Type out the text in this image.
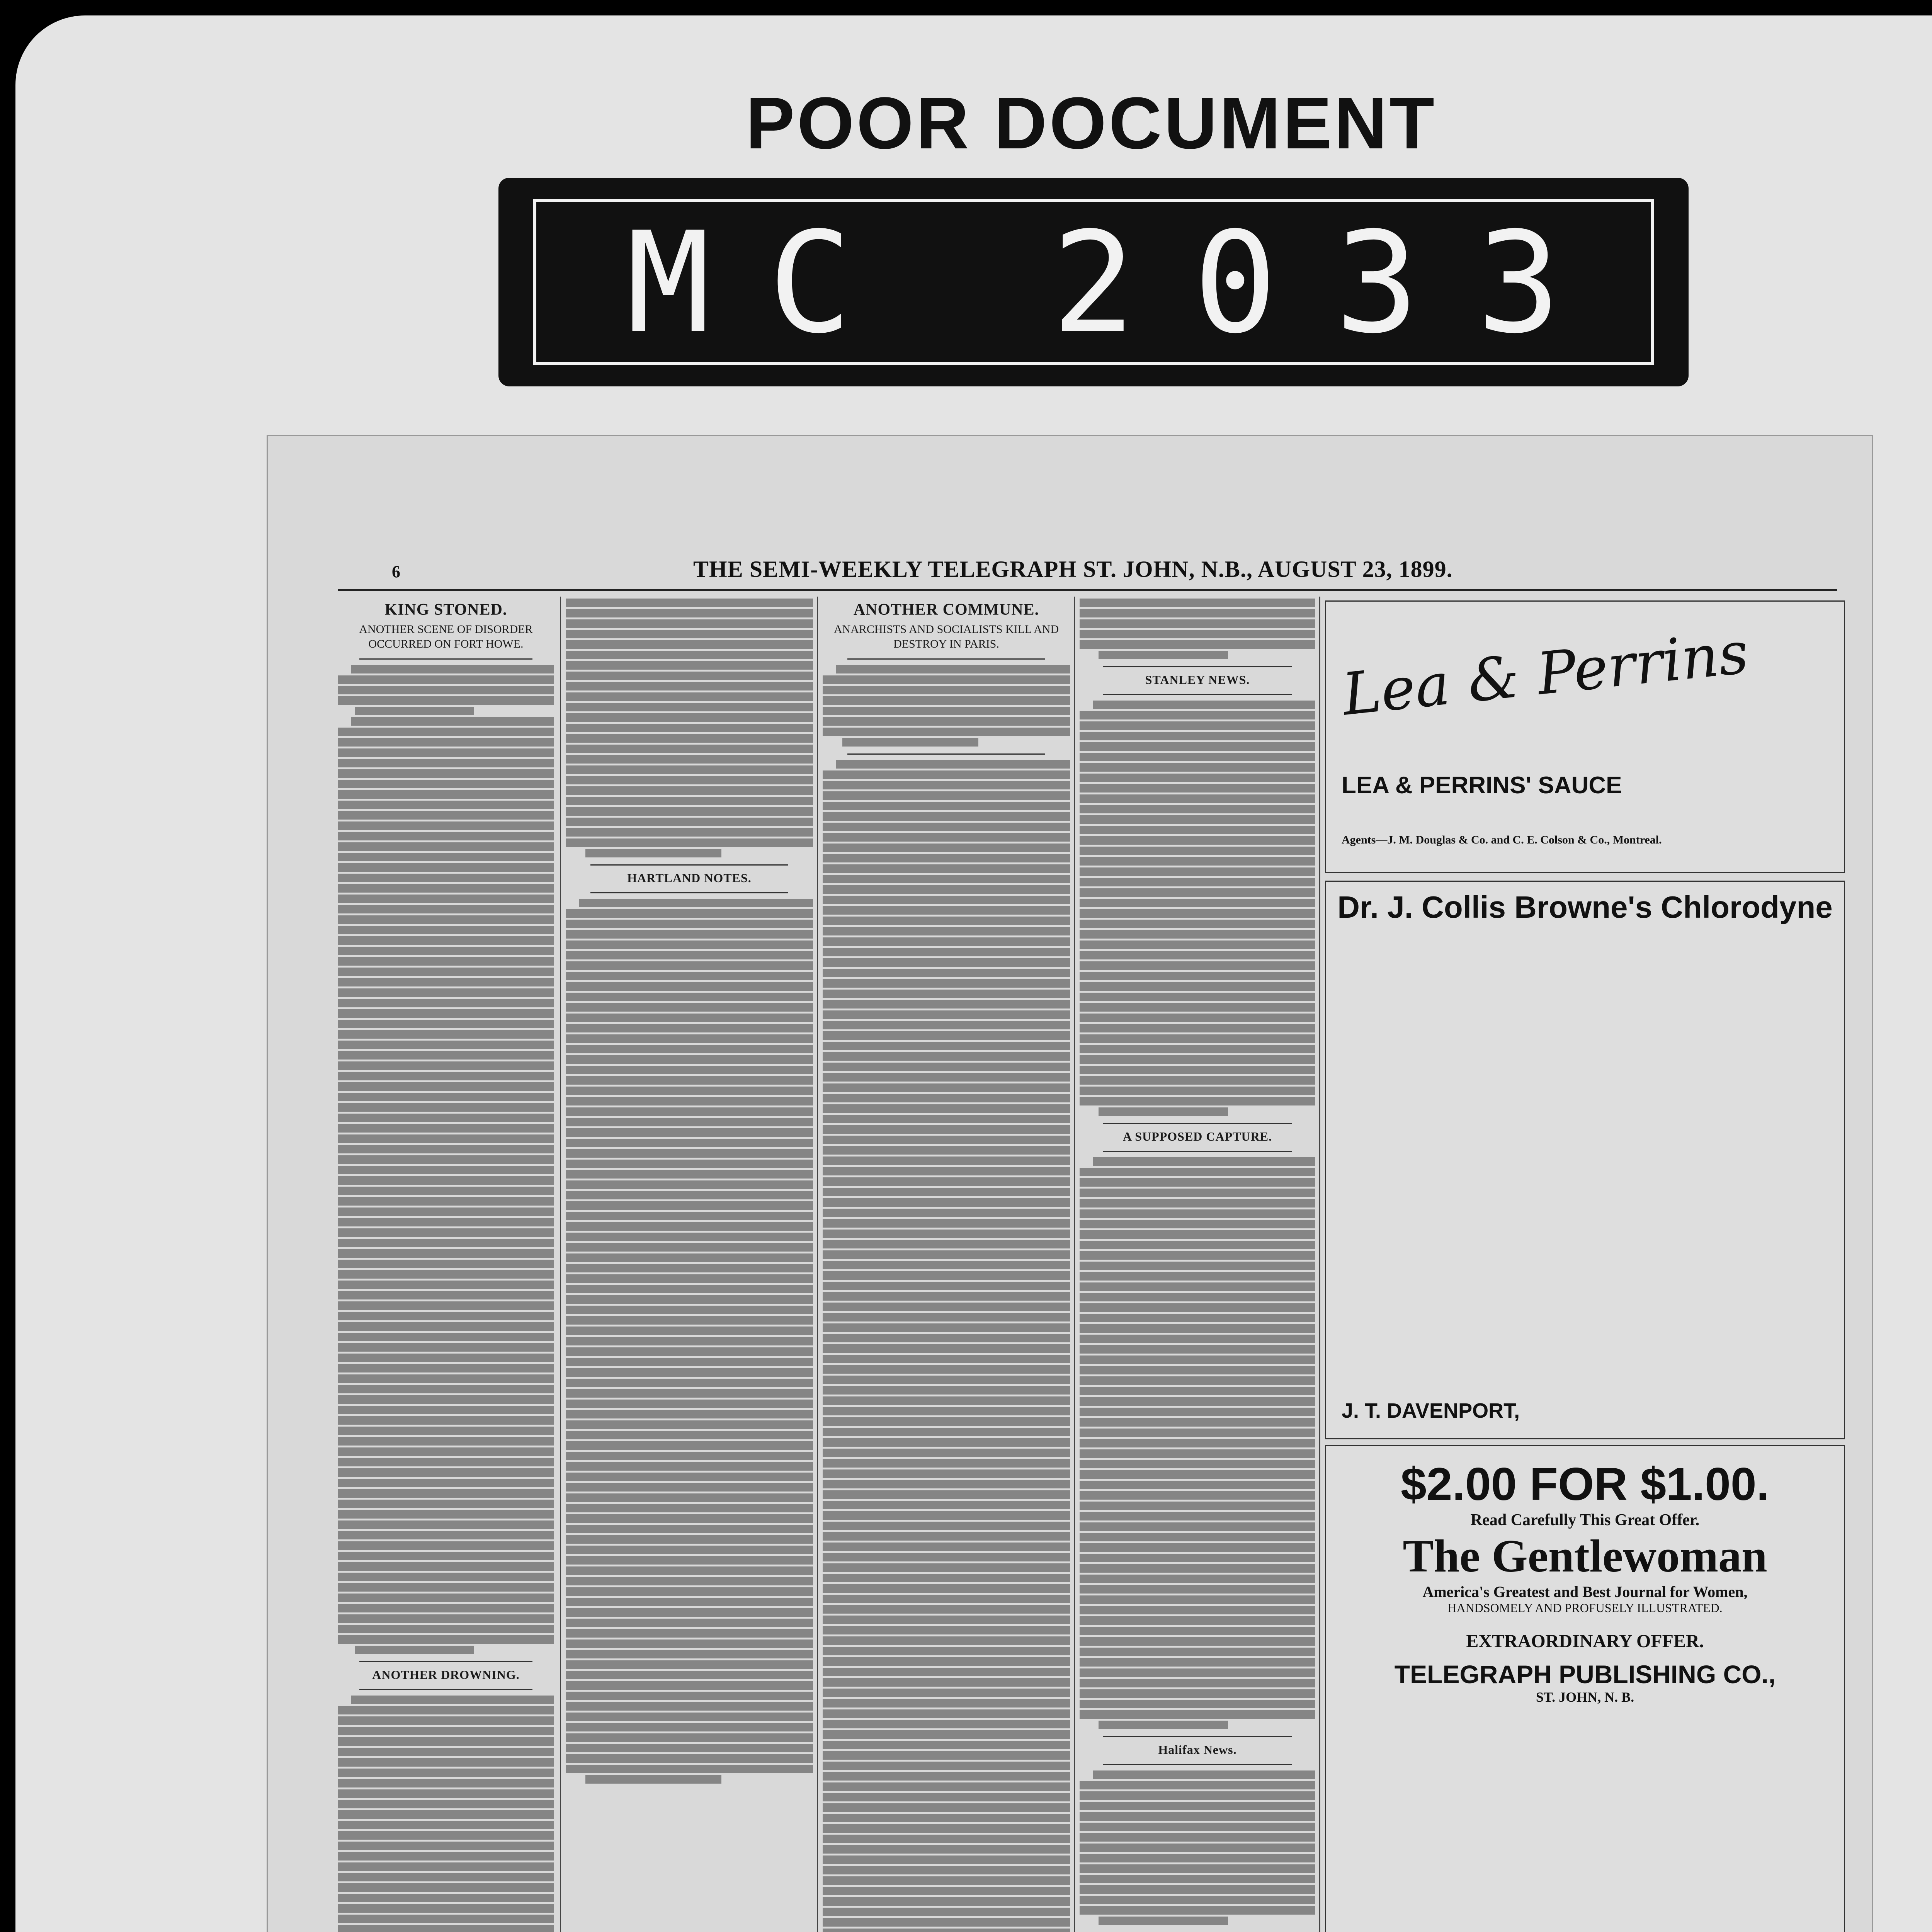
POOR DOCUMENT
MC 2033
6	THE SEMI-WEEKLY TELEGRAPH ST. JOHN, N.B., AUGUST 23, 1899.
KING STONED.
ANOTHER SCENE OF DISORDER OCCURRED ON FORT HOWE.
ANOTHER DROWNING.
HARTLAND NOTES.
ANOTHER COMMUNE.
ANARCHISTS AND SOCIALISTS KILL AND DESTROY IN PARIS.
STANLEY NEWS.
A SUPPOSED CAPTURE.
Halifax News.
Lea & Perrins
LEA & PERRINS' SAUCE
Agents—J. M. Douglas & Co. and C. E. Colson & Co., Montreal.
Dr. J. Collis Browne's Chlorodyne
J. T. DAVENPORT,
$2.00 FOR $1.00.
Read Carefully This Great Offer.
The Gentlewoman
America's Greatest and Best Journal for Women,
HANDSOMELY AND PROFUSELY ILLUSTRATED.
EXTRAORDINARY OFFER.
TELEGRAPH PUBLISHING CO.,
ST. JOHN, N. B.
